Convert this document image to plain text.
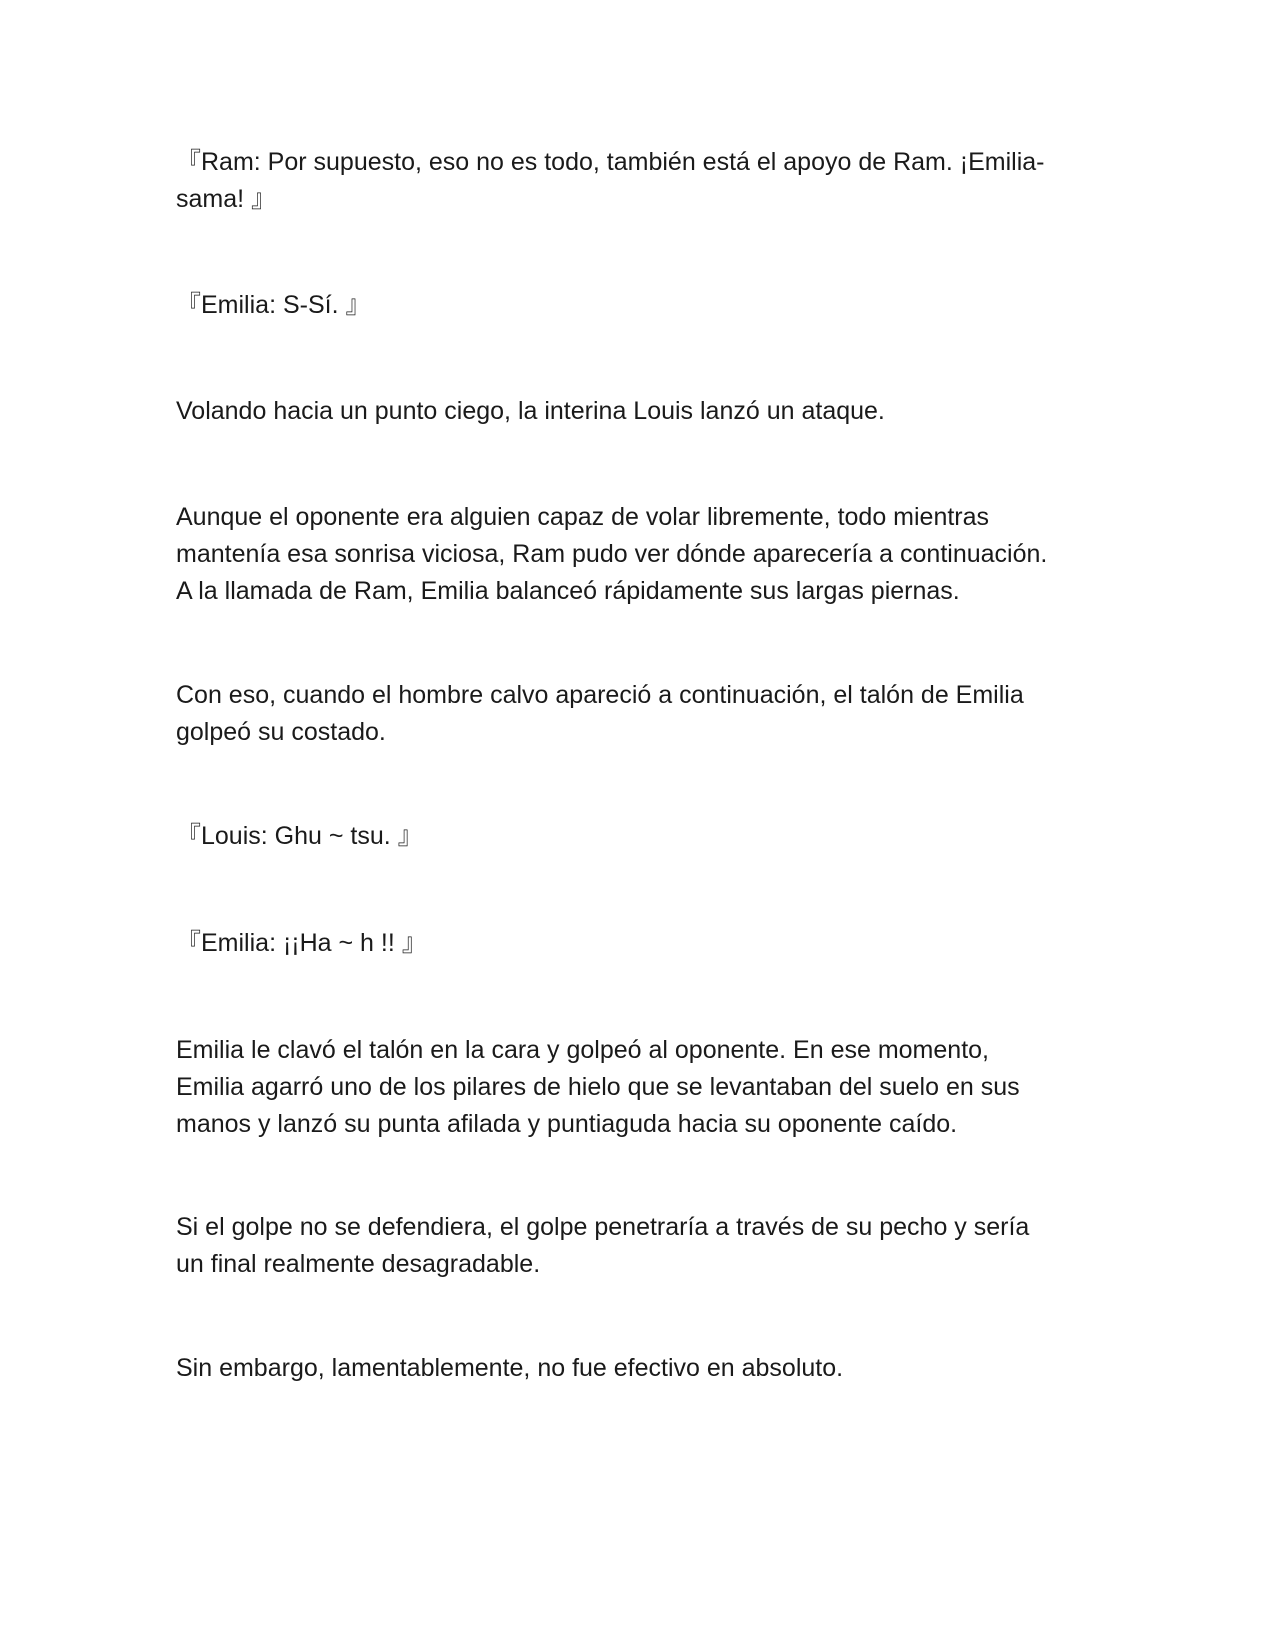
『Ram: Por supuesto, eso no es todo, también está el apoyo de Ram. ¡Emilia-
sama! 』

『Emilia: S-Sí. 』

Volando hacia un punto ciego, la interina Louis lanzó un ataque.

Aunque el oponente era alguien capaz de volar libremente, todo mientras
mantenía esa sonrisa viciosa, Ram pudo ver dónde aparecería a continuación.
A la llamada de Ram, Emilia balanceó rápidamente sus largas piernas.

Con eso, cuando el hombre calvo apareció a continuación, el talón de Emilia
golpeó su costado.

『Louis: Ghu ~ tsu. 』

『Emilia: ¡¡Ha ~ h !! 』

Emilia le clavó el talón en la cara y golpeó al oponente. En ese momento,
Emilia agarró uno de los pilares de hielo que se levantaban del suelo en sus
manos y lanzó su punta afilada y puntiaguda hacia su oponente caído.

Si el golpe no se defendiera, el golpe penetraría a través de su pecho y sería
un final realmente desagradable.

Sin embargo, lamentablemente, no fue efectivo en absoluto.
